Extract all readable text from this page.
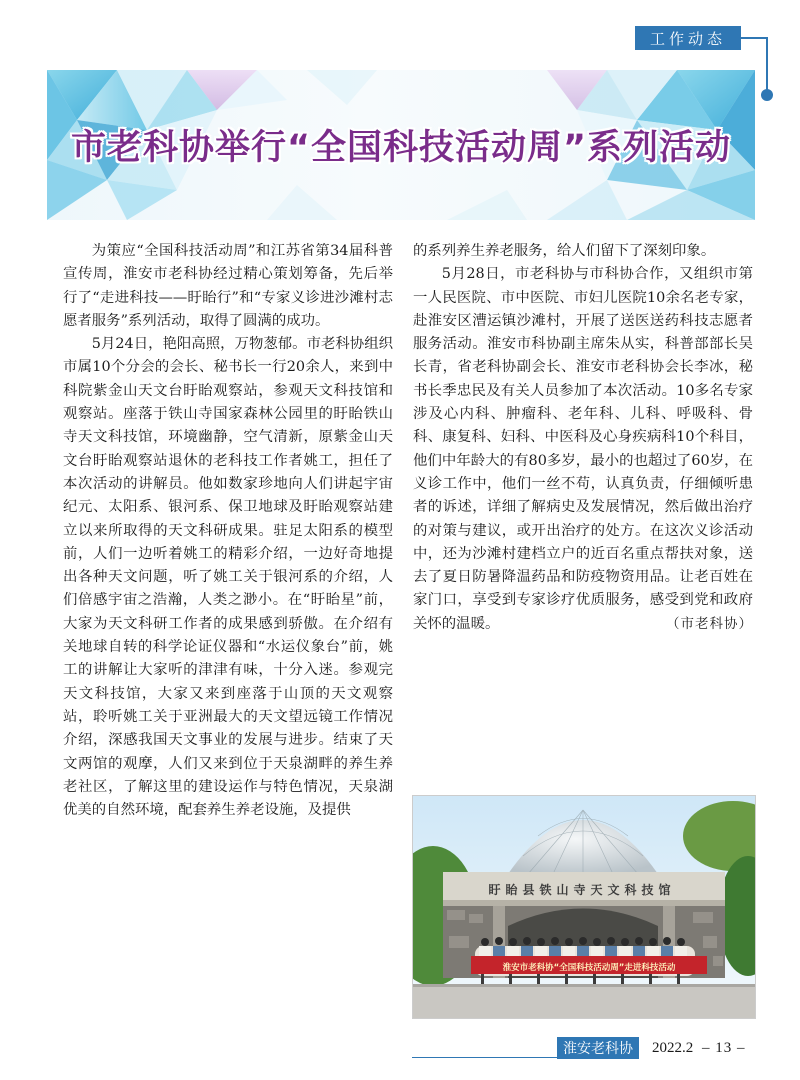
工作动态
市老科协举行“全国科技活动周”系列活动

为策应“全国科技活动周”和江苏省第34届科普宣传周，淮安市老科协经过精心策划筹备，先后举行了“走进科技——盱眙行”和“专家义诊进沙滩村志愿者服务”系列活动，取得了圆满的成功。

5月24日，艳阳高照，万物葱郁。市老科协组织市属10个分会的会长、秘书长一行20余人，来到中科院紫金山天文台盱眙观察站，参观天文科技馆和观察站。座落于铁山寺国家森林公园里的盱眙铁山寺天文科技馆，环境幽静，空气清新，原紫金山天文台盱眙观察站退休的老科技工作者姚工，担任了本次活动的讲解员。他如数家珍地向人们讲起宇宙纪元、太阳系、银河系、保卫地球及盱眙观察站建立以来所取得的天文科研成果。驻足太阳系的模型前，人们一边听着姚工的精彩介绍，一边好奇地提出各种天文问题，听了姚工关于银河系的介绍，人们倍感宇宙之浩瀚，人类之渺小。在“盱眙星”前，大家为天文科研工作者的成果感到骄傲。在介绍有关地球自转的科学论证仪器和“水运仪象台”前，姚工的讲解让大家听的津津有味，十分入迷。参观完天文科技馆，大家又来到座落于山顶的天文观察站，聆听姚工关于亚洲最大的天文望远镜工作情况介绍，深感我国天文事业的发展与进步。结束了天文两馆的观摩，人们又来到位于天泉湖畔的养生养老社区，了解这里的建设运作与特色情况，天泉湖优美的自然环境，配套养生养老设施，及提供

的系列养生养老服务，给人们留下了深刻印象。

5月28日，市老科协与市科协合作，又组织市第一人民医院、市中医院、市妇儿医院10余名老专家，赴淮安区漕运镇沙滩村，开展了送医送药科技志愿者服务活动。淮安市科协副主席朱从实，科普部部长吴长青，省老科协副会长、淮安市老科协会长李冰，秘书长季忠民及有关人员参加了本次活动。10多名专家涉及心内科、肿瘤科、老年科、儿科、呼吸科、骨科、康复科、妇科、中医科及心身疾病科10个科目，他们中年龄大的有80多岁，最小的也超过了60岁，在义诊工作中，他们一丝不苟，认真负责，仔细倾听患者的诉述，详细了解病史及发展情况，然后做出治疗的对策与建议，或开出治疗的处方。在这次义诊活动中，还为沙滩村建档立户的近百名重点帮扶对象，送去了夏日防暑降温药品和防疫物资用品。让老百姓在家门口，享受到专家诊疗优质服务，感受到党和政府关怀的温暖。	（市老科协）

盱眙县铁山寺天文科技馆
淮安市老科协“全国科技活动周”走进科技活动
淮安老科协	2022.2 – 13 –
